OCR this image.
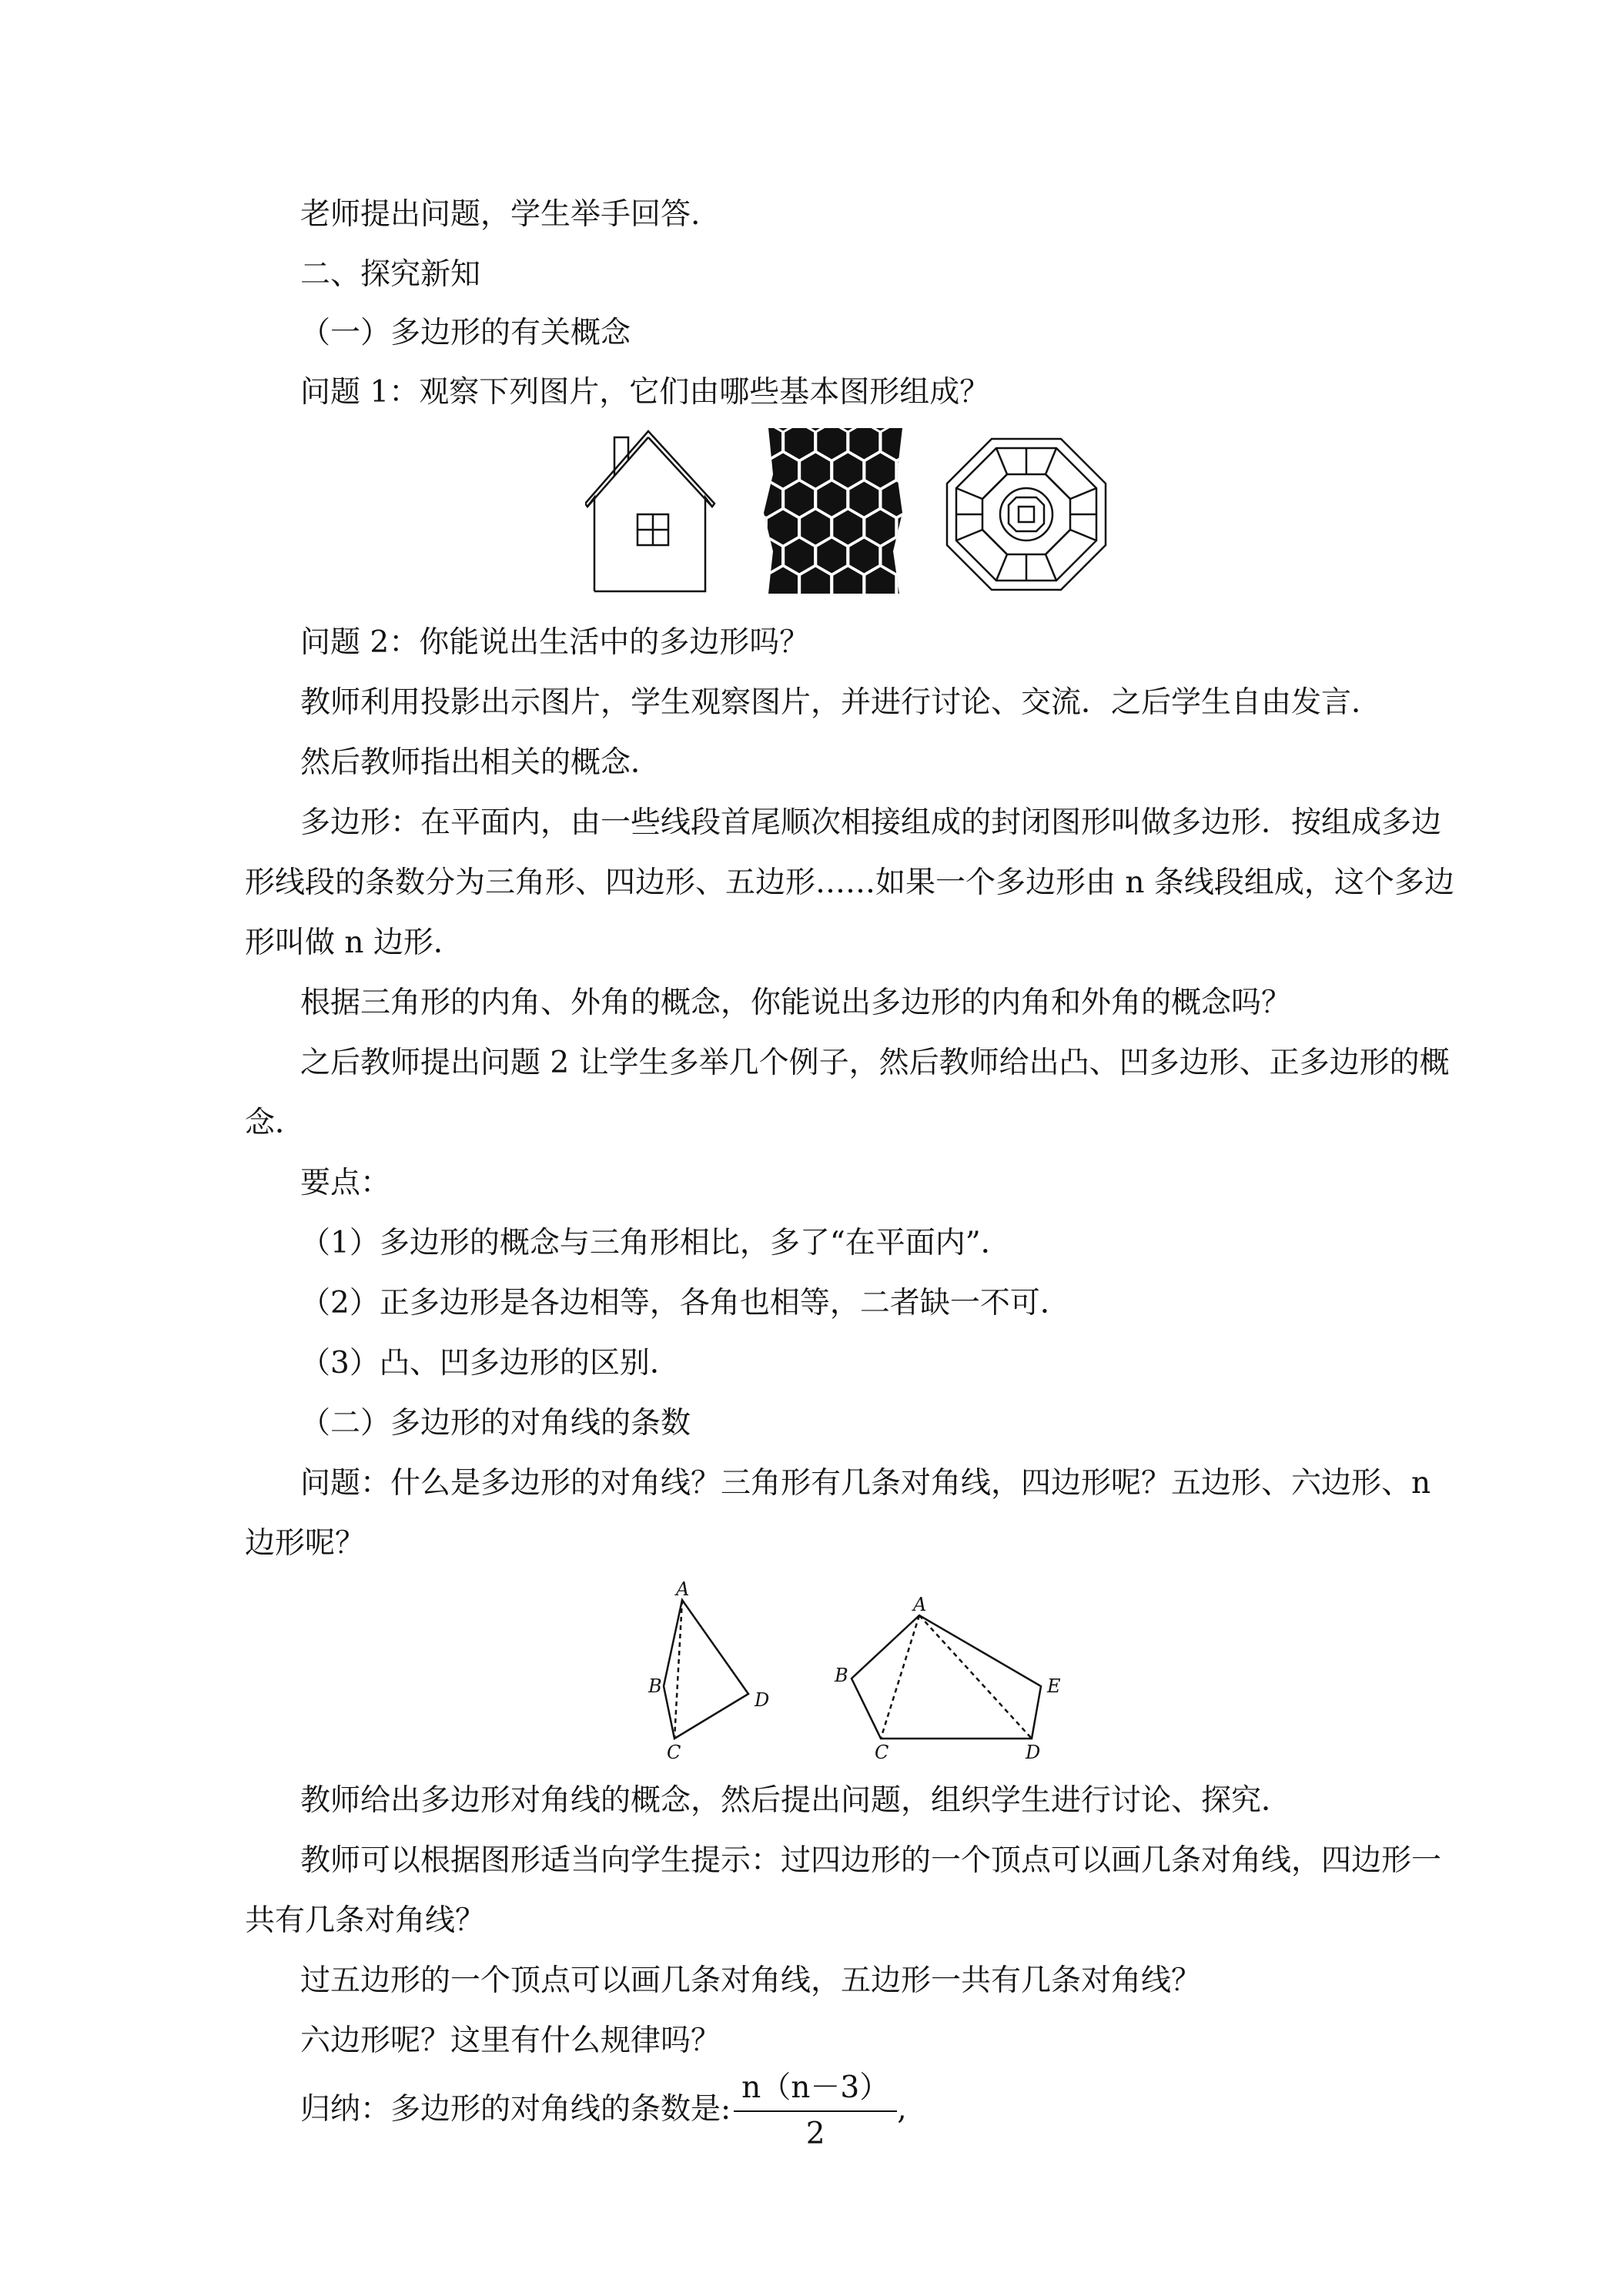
老师提出问题，学生举手回答.
二、探究新知
（一）多边形的有关概念
问题 1：观察下列图片，它们由哪些基本图形组成？
问题 2：你能说出生活中的多边形吗？
教师利用投影出示图片，学生观察图片，并进行讨论、交流．之后学生自由发言．
然后教师指出相关的概念．
多边形：在平面内，由一些线段首尾顺次相接组成的封闭图形叫做多边形．按组成多边
形线段的条数分为三角形、四边形、五边形……如果一个多边形由 n 条线段组成，这个多边
形叫做 n 边形．
根据三角形的内角、外角的概念，你能说出多边形的内角和外角的概念吗？
之后教师提出问题 2 让学生多举几个例子，然后教师给出凸、凹多边形、正多边形的概
念．
要点：
（1）多边形的概念与三角形相比，多了“在平面内”．
（2）正多边形是各边相等，各角也相等，二者缺一不可．
（3）凸、凹多边形的区别．
（二）多边形的对角线的条数
问题：什么是多边形的对角线？三角形有几条对角线，四边形呢？五边形、六边形、n
边形呢？
A
B
C
D
A
B
C	D
E
教师给出多边形对角线的概念，然后提出问题，组织学生进行讨论、探究．
教师可以根据图形适当向学生提示：过四边形的一个顶点可以画几条对角线，四边形一
共有几条对角线？
过五边形的一个顶点可以画几条对角线，五边形一共有几条对角线？
六边形呢？这里有什么规律吗？
归纳：多边形的对角线的条数是: $\frac{n(n-3)}{2}$ ,
